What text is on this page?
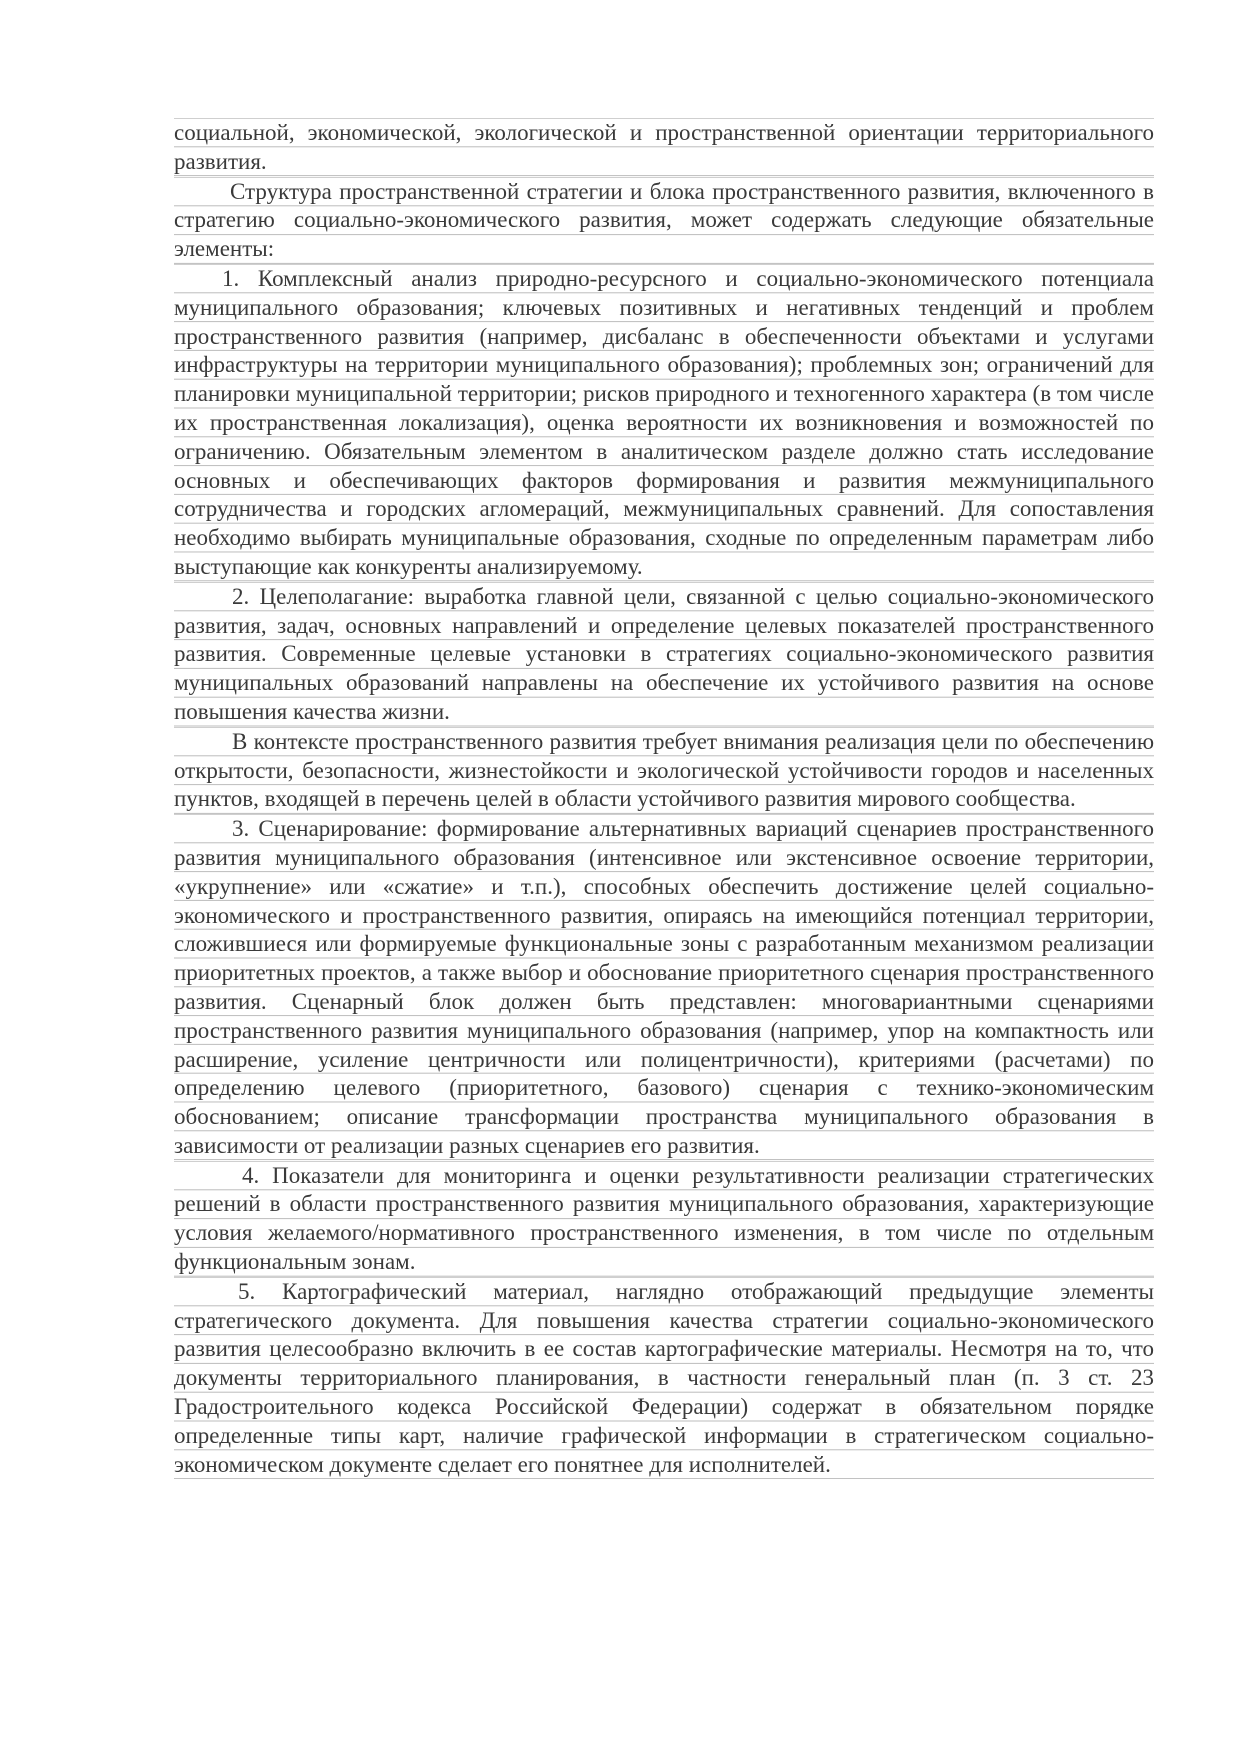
социальной, экономической, экологической и пространственной ориентации территориального развития.

Структура пространственной стратегии и блока пространственного развития, включенного в стратегию социально-экономического развития, может содержать следующие обязательные элементы:

1. Комплексный анализ природно-ресурсного и социально-экономического потенциала муниципального образования; ключевых позитивных и негативных тенденций и проблем пространственного развития (например, дисбаланс в обеспеченности объектами и услугами инфраструктуры на территории муниципального образования); проблемных зон; ограничений для планировки муниципальной территории; рисков природного и техногенного характера (в том числе их пространственная локализация), оценка вероятности их возникновения и возможностей по ограничению. Обязательным элементом в аналитическом разделе должно стать исследование основных и обеспечивающих факторов формирования и развития межмуниципального сотрудничества и городских агломераций, межмуниципальных сравнений. Для сопоставления необходимо выбирать муниципальные образования, сходные по определенным параметрам либо выступающие как конкуренты анализируемому.

2. Целеполагание: выработка главной цели, связанной с целью социально-экономического развития, задач, основных направлений и определение целевых показателей пространственного развития. Современные целевые установки в стратегиях социально-экономического развития муниципальных образований направлены на обеспечение их устойчивого развития на основе повышения качества жизни.

В контексте пространственного развития требует внимания реализация цели по обеспечению открытости, безопасности, жизнестойкости и экологической устойчивости городов и населенных пунктов, входящей в перечень целей в области устойчивого развития мирового сообщества.

3. Сценарирование: формирование альтернативных вариаций сценариев пространственного развития муниципального образования (интенсивное или экстенсивное освоение территории, «укрупнение» или «сжатие» и т.п.), способных обеспечить достижение целей социально-экономического и пространственного развития, опираясь на имеющийся потенциал территории, сложившиеся или формируемые функциональные зоны с разработанным механизмом реализации приоритетных проектов, а также выбор и обоснование приоритетного сценария пространственного развития. Сценарный блок должен быть представлен: многовариантными сценариями пространственного развития муниципального образования (например, упор на компактность или расширение, усиление центричности или полицентричности), критериями (расчетами) по определению целевого (приоритетного, базового) сценария с технико-экономическим обоснованием; описание трансформации пространства муниципального образования в зависимости от реализации разных сценариев его развития.

4. Показатели для мониторинга и оценки результативности реализации стратегических решений в области пространственного развития муниципального образования, характеризующие условия желаемого/нормативного пространственного изменения, в том числе по отдельным функциональным зонам.

5. Картографический материал, наглядно отображающий предыдущие элементы стратегического документа. Для повышения качества стратегии социально-экономического развития целесообразно включить в ее состав картографические материалы. Несмотря на то, что документы территориального планирования, в частности генеральный план (п. 3 ст. 23 Градостроительного кодекса Российской Федерации) содержат в обязательном порядке определенные типы карт, наличие графической информации в стратегическом социально-экономическом документе сделает его понятнее для исполнителей.
